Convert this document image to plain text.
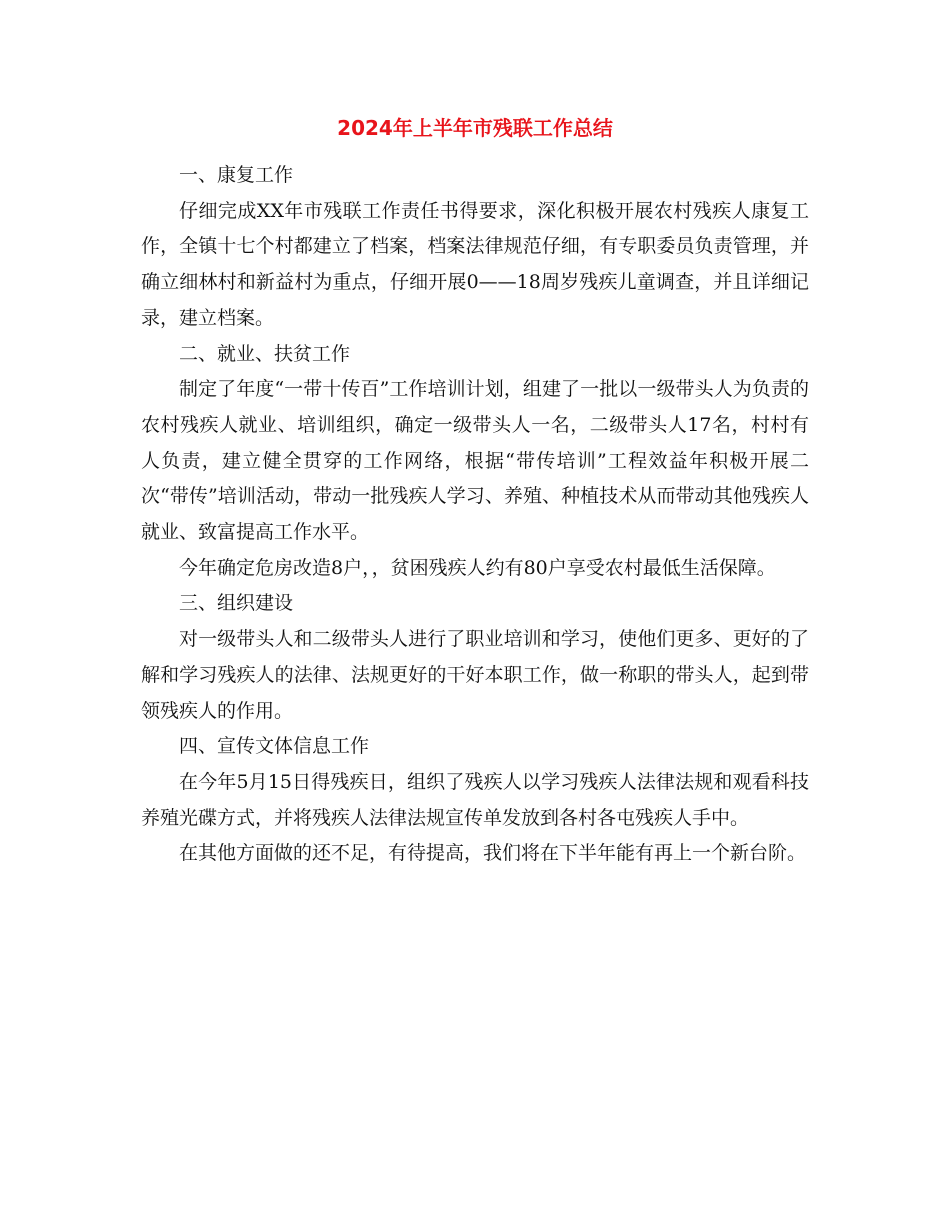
2024年上半年市残联工作总结

一、康复工作

仔细完成XX年市残联工作责任书得要求，深化积极开展农村残疾人康复工作，全镇十七个村都建立了档案，档案法律规范仔细，有专职委员负责管理，并确立细林村和新益村为重点，仔细开展0——18周岁残疾儿童调查，并且详细记录，建立档案。

二、就业、扶贫工作

制定了年度“一带十传百”工作培训计划，组建了一批以一级带头人为负责的农村残疾人就业、培训组织，确定一级带头人一名，二级带头人17名，村村有人负责，建立健全贯穿的工作网络，根据“带传培训”工程效益年积极开展二次“带传”培训活动，带动一批残疾人学习、养殖、种植技术从而带动其他残疾人就业、致富提高工作水平。

今年确定危房改造8户，，贫困残疾人约有80户享受农村最低生活保障。

三、组织建设

对一级带头人和二级带头人进行了职业培训和学习，使他们更多、更好的了解和学习残疾人的法律、法规更好的干好本职工作，做一称职的带头人，起到带领残疾人的作用。

四、宣传文体信息工作

在今年5月15日得残疾日，组织了残疾人以学习残疾人法律法规和观看科技养殖光碟方式，并将残疾人法律法规宣传单发放到各村各屯残疾人手中。

在其他方面做的还不足，有待提高，我们将在下半年能有再上一个新台阶。
